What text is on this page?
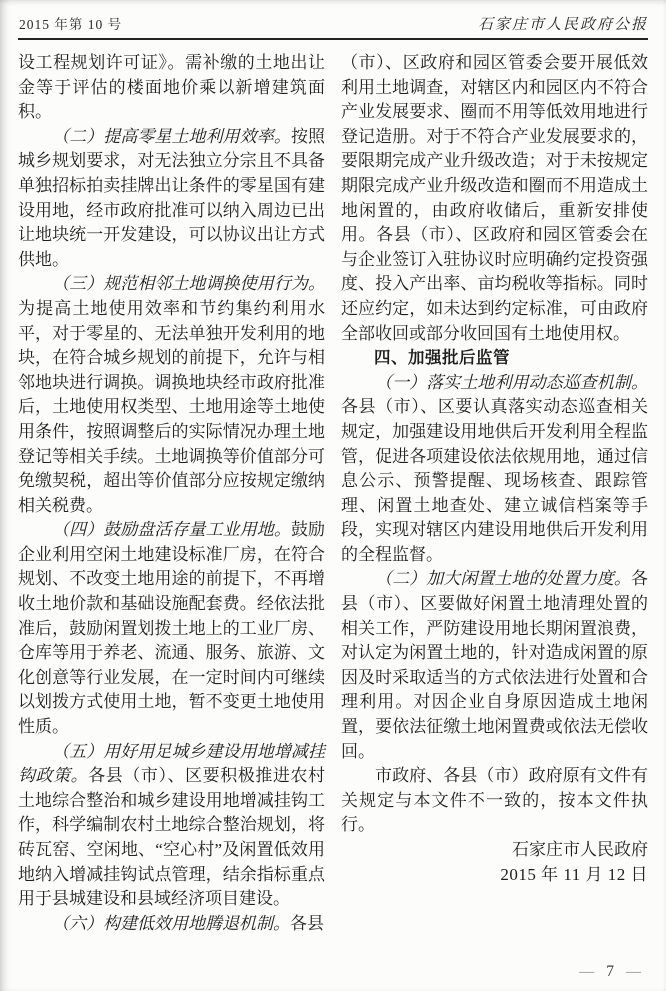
2015 年第 10 号	石家庄市人民政府公报

设工程规划许可证》。需补缴的土地出让金等于评估的楼面地价乘以新增建筑面积。

（二）提高零星土地利用效率。按照城乡规划要求，对无法独立分宗且不具备单独招标拍卖挂牌出让条件的零星国有建设用地，经市政府批准可以纳入周边已出让地块统一开发建设，可以协议出让方式供地。

（三）规范相邻土地调换使用行为。为提高土地使用效率和节约集约利用水平，对于零星的、无法单独开发利用的地块，在符合城乡规划的前提下，允许与相邻地块进行调换。调换地块经市政府批准后，土地使用权类型、土地用途等土地使用条件，按照调整后的实际情况办理土地登记等相关手续。土地调换等价值部分可免缴契税，超出等价值部分应按规定缴纳相关税费。

（四）鼓励盘活存量工业用地。鼓励企业利用空闲土地建设标准厂房，在符合规划、不改变土地用途的前提下，不再增收土地价款和基础设施配套费。经依法批准后，鼓励闲置划拨土地上的工业厂房、仓库等用于养老、流通、服务、旅游、文化创意等行业发展，在一定时间内可继续以划拨方式使用土地，暂不变更土地使用性质。

（五）用好用足城乡建设用地增减挂钩政策。各县（市）、区要积极推进农村土地综合整治和城乡建设用地增减挂钩工作，科学编制农村土地综合整治规划，将砖瓦窑、空闲地、“空心村”及闲置低效用地纳入增减挂钩试点管理，结余指标重点用于县城建设和县域经济项目建设。

（六）构建低效用地腾退机制。各县

（市）、区政府和园区管委会要开展低效利用土地调查，对辖区内和园区内不符合产业发展要求、圈而不用等低效用地进行登记造册。对于不符合产业发展要求的，要限期完成产业升级改造；对于未按规定期限完成产业升级改造和圈而不用造成土地闲置的，由政府收储后，重新安排使用。各县（市）、区政府和园区管委会在与企业签订入驻协议时应明确约定投资强度、投入产出率、亩均税收等指标。同时还应约定，如未达到约定标准，可由政府全部收回或部分收回国有土地使用权。

四、加强批后监管

（一）落实土地利用动态巡查机制。各县（市）、区要认真落实动态巡查相关规定，加强建设用地供后开发利用全程监管，促进各项建设依法依规用地，通过信息公示、预警提醒、现场核查、跟踪管理、闲置土地查处、建立诚信档案等手段，实现对辖区内建设用地供后开发利用的全程监督。

（二）加大闲置土地的处置力度。各县（市）、区要做好闲置土地清理处置的相关工作，严防建设用地长期闲置浪费，对认定为闲置土地的，针对造成闲置的原因及时采取适当的方式依法进行处置和合理利用。对因企业自身原因造成土地闲置，要依法征缴土地闲置费或依法无偿收回。

市政府、各县（市）政府原有文件有关规定与本文件不一致的，按本文件执行。

石家庄市人民政府

2015 年 11 月 12 日

— 7 —
